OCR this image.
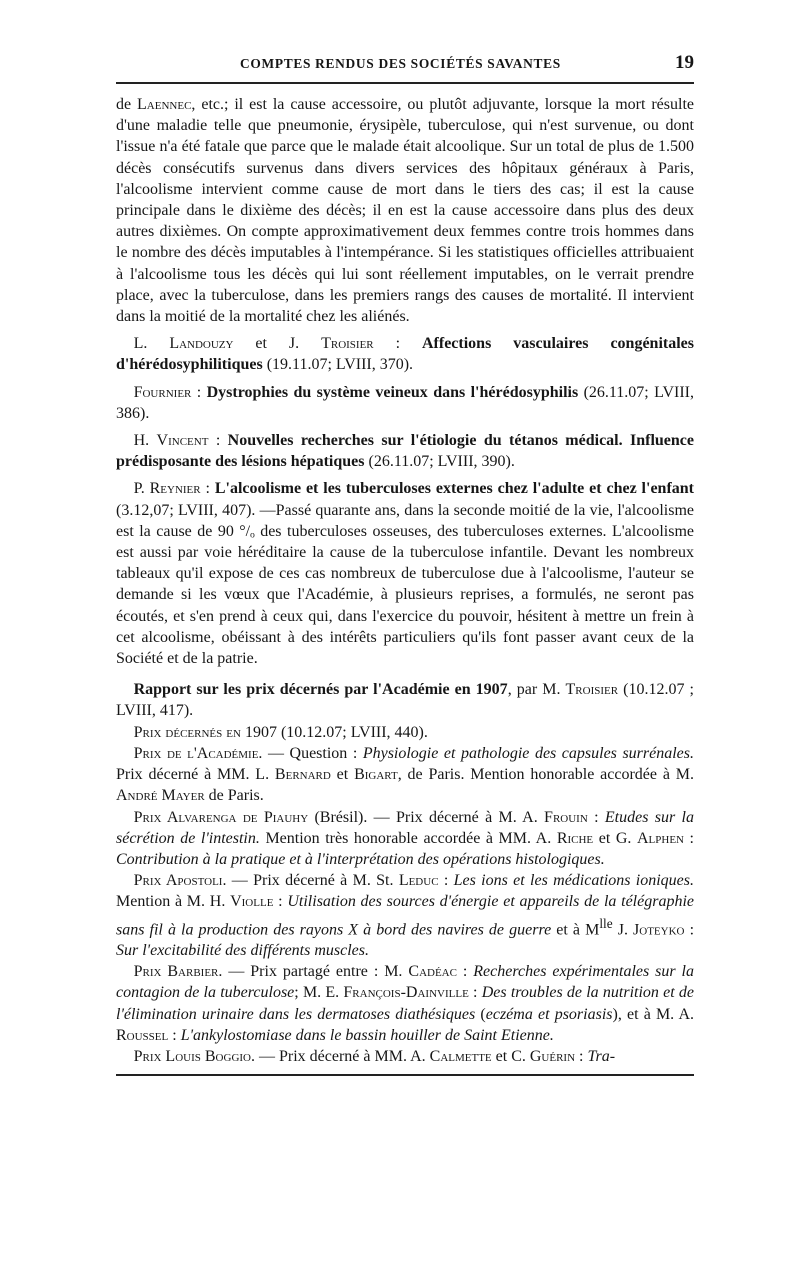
COMPTES RENDUS DES SOCIÉTÉS SAVANTES	19

de Laennec, etc.; il est la cause accessoire, ou plutôt adjuvante, lorsque la mort résulte d'une maladie telle que pneumonie, érysipèle, tuberculose, qui n'est survenue, ou dont l'issue n'a été fatale que parce que le malade était alcoolique. Sur un total de plus de 1.500 décès consécutifs survenus dans divers services des hôpitaux généraux à Paris, l'alcoolisme intervient comme cause de mort dans le tiers des cas; il est la cause principale dans le dixième des décès; il en est la cause accessoire dans plus des deux autres dixièmes. On compte approximativement deux femmes contre trois hommes dans le nombre des décès imputables à l'intempérance. Si les statistiques officielles attribuaient à l'alcoolisme tous les décès qui lui sont réellement imputables, on le verrait prendre place, avec la tuberculose, dans les premiers rangs des causes de mortalité. Il intervient dans la moitié de la mortalité chez les aliénés.

L. Landouzy et J. Troisier : Affections vasculaires congénitales d'hérédosyphilitiques (19.11.07; LVIII, 370).

Fournier : Dystrophies du système veineux dans l'hérédosyphilis (26.11.07; LVIII, 386).

H. Vincent : Nouvelles recherches sur l'étiologie du tétanos médical. Influence prédisposante des lésions hépatiques (26.11.07; LVIII, 390).

P. Reynier : L'alcoolisme et les tuberculoses externes chez l'adulte et chez l'enfant (3.12,07; LVIII, 407). —Passé quarante ans, dans la seconde moitié de la vie, l'alcoolisme est la cause de 90 °/ₒ des tuberculoses osseuses, des tuberculoses externes. L'alcoolisme est aussi par voie héréditaire la cause de la tuberculose infantile. Devant les nombreux tableaux qu'il expose de ces cas nombreux de tuberculose due à l'alcoolisme, l'auteur se demande si les vœux que l'Académie, à plusieurs reprises, a formulés, ne seront pas écoutés, et s'en prend à ceux qui, dans l'exercice du pouvoir, hésitent à mettre un frein à cet alcoolisme, obéissant à des intérêts particuliers qu'ils font passer avant ceux de la Société et de la patrie.

Rapport sur les prix décernés par l'Académie en 1907, par M. Troisier (10.12.07 ; LVIII, 417).

Prix décernés en 1907 (10.12.07; LVIII, 440).

Prix de l'Académie. — Question : Physiologie et pathologie des capsules surrénales. Prix décerné à MM. L. Bernard et Bigart, de Paris. Mention honorable accordée à M. André Mayer de Paris.

Prix Alvarenga de Piauhy (Brésil). — Prix décerné à M. A. Frouin : Etudes sur la sécrétion de l'intestin. Mention très honorable accordée à MM. A. Riche et G. Alphen : Contribution à la pratique et à l'interprétation des opérations histologiques.

Prix Apostoli. — Prix décerné à M. St. Leduc : Les ions et les médications ioniques. Mention à M. H. Violle : Utilisation des sources d'énergie et appareils de la télégraphie sans fil à la production des rayons X à bord des navires de guerre et à $M^{lle}$ J. Joteyko : Sur l'excitabilité des différents muscles.

Prix Barbier. — Prix partagé entre : M. Cadéac : Recherches expérimentales sur la contagion de la tuberculose; M. E. François-Dainville : Des troubles de la nutrition et de l'élimination urinaire dans les dermatoses diathésiques (eczéma et psoriasis), et à M. A. Roussel : L'ankylostomiase dans le bassin houiller de Saint Etienne.

Prix Louis Boggio. — Prix décerné à MM. A. Calmette et C. Guérin : Tra-
